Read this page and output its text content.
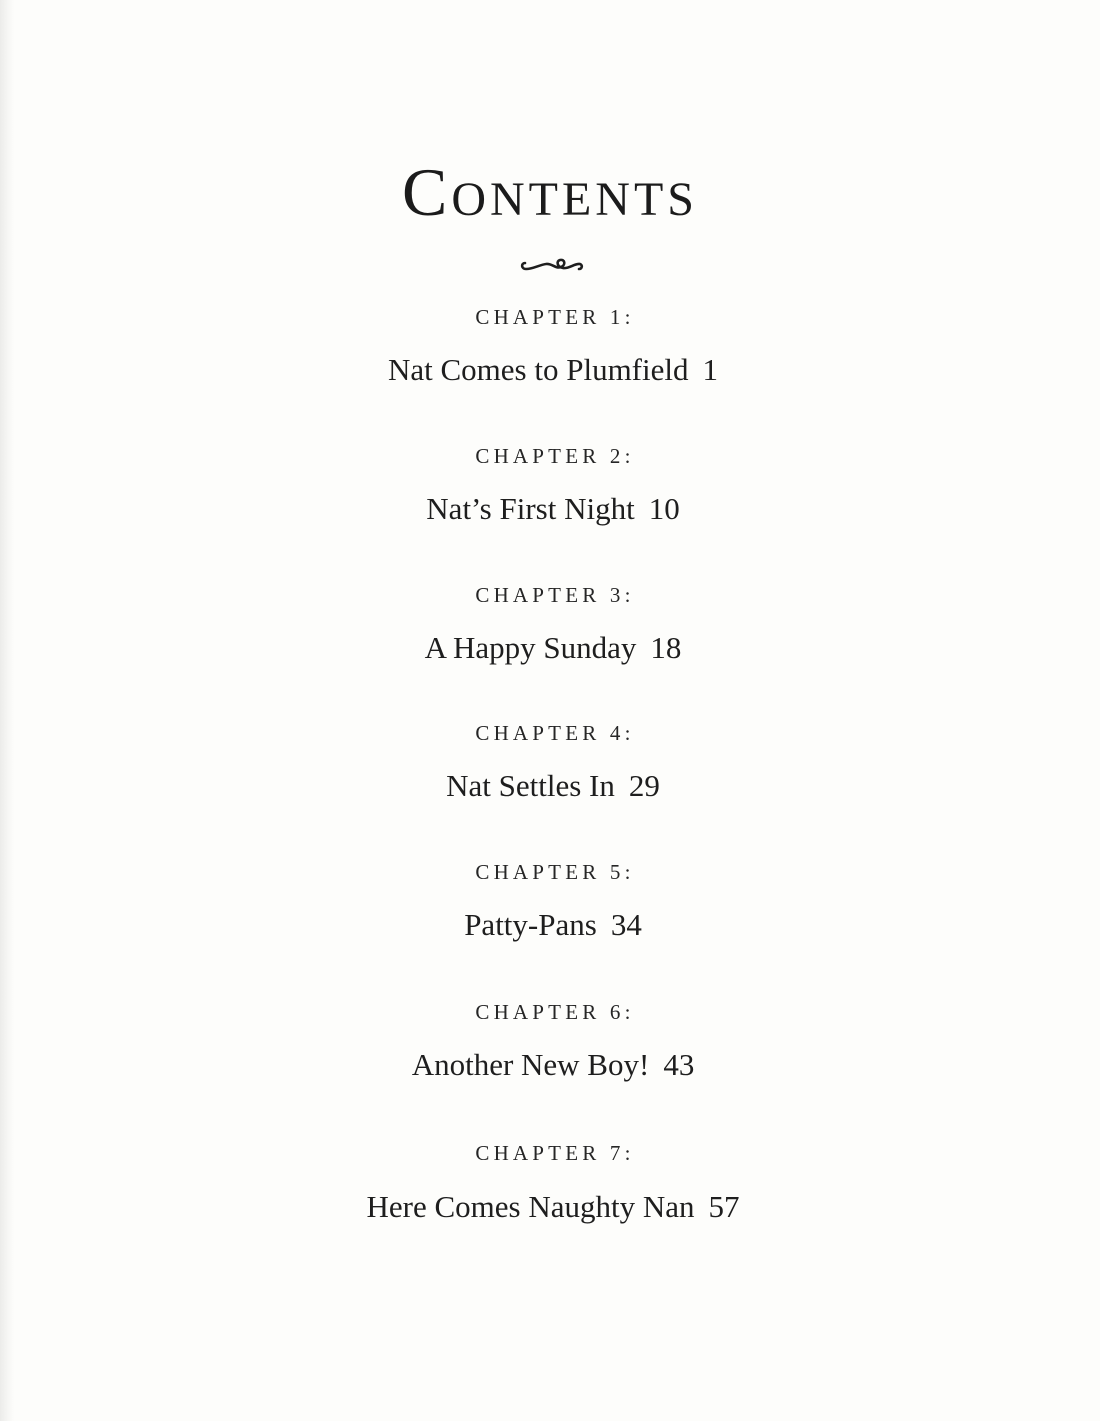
Contents
CHAPTER 1:
Nat Comes to Plumfield 1
CHAPTER 2:
Nat’s First Night 10
CHAPTER 3:
A Happy Sunday 18
CHAPTER 4:
Nat Settles In 29
CHAPTER 5:
Patty-Pans 34
CHAPTER 6:
Another New Boy! 43
CHAPTER 7:
Here Comes Naughty Nan 57
